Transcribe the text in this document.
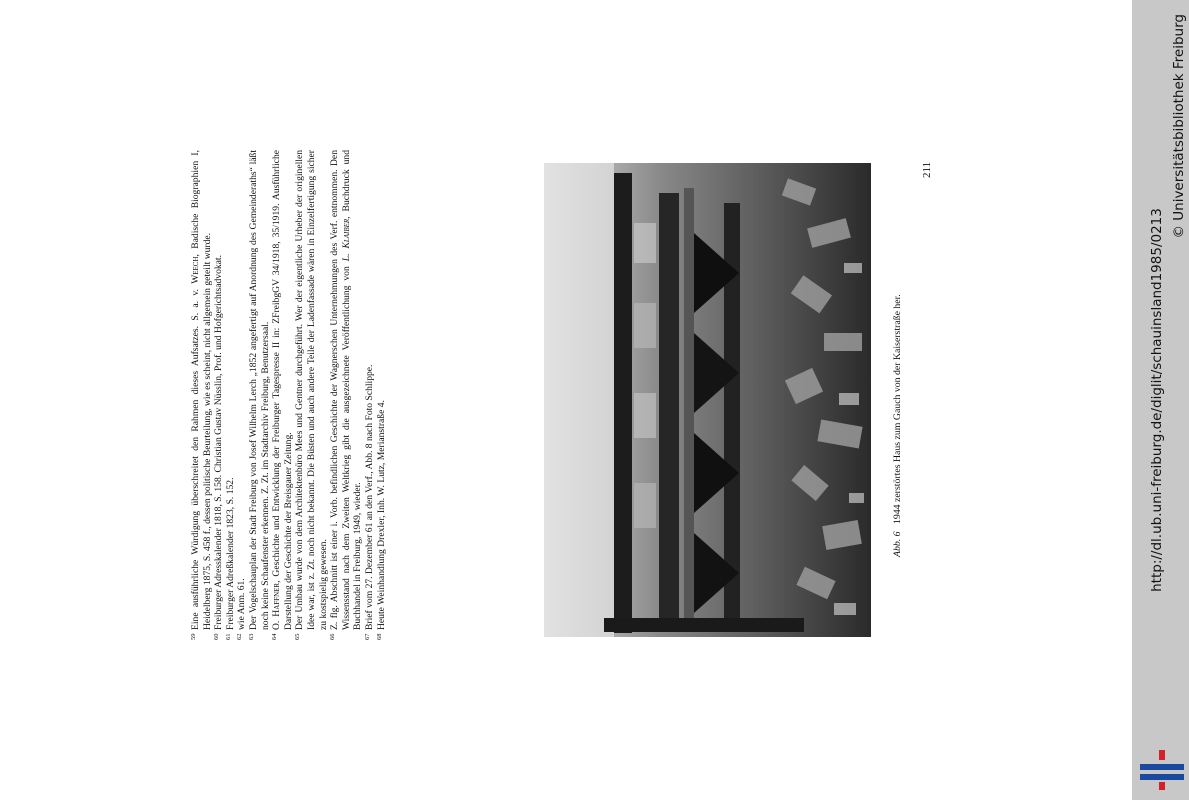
59
Eine ausführliche Würdigung überschreitet den Rahmen dieses Aufsatzes. S. a. v. Weech, Badische Biographien I, Heidelberg 1875, S. 458 f., dessen politische Beurteilung, wie es scheint, nicht allgemein geteilt wurde.

60
Freiburger Adresskalender 1818, S. 158. Christian Gustav Nüsslin, Prof. und Hofgerichtsadvokat.

61
Freiburger Adreßkalender 1823, S. 152.

62
wie Anm. 61.

63
Der Vogelschauplan der Stadt Freiburg von Josef Wilhelm Lerch „1852 angefertigt auf Anordnung des Gemeinderaths“ läßt noch keine Schaufenster erkennen. Z. Zt. im Stadtarchiv Freiburg, Benutzersaal.

64
O. Haffner, Geschichte und Entwicklung der Freiburger Tagespresse II in: ZFreibgGV 34/1918, 35/1919. Ausführliche Darstellung der Geschichte der Breisgauer Zeitung.

65
Der Umbau wurde von dem Architektenbüro Mees und Gentner durchgeführt. Wer der eigentliche Urheber der originellen Idee war, ist z. Zt. noch nicht bekannt. Die Büsten und auch andere Teile der Ladenfassade wären in Einzelfertigung sicher zu kostspielig gewesen.

66
Z. flg. Abschnitt ist einer i. Vorb. befindlichen Geschichte der Wagnerschen Unternehmungen des Verf. entnommen. Den Wissensstand nach dem Zweiten Weltkrieg gibt die ausgezeichnete Veröffentlichung von L. Klaiber, Buchdruck und Buchhandel in Freiburg, 1949, wieder.

67
Brief vom 27. Dezember 61 an den Verf., Abb. 8 nach Foto Schlippe.

68
Heute Weinhandlung Drexler, Inh. W. Lutz, Merianstraße 4.	Abb. 6   1944 zerstörtes Haus zum Gauch von der Kaiserstraße her.
211
http://dl.ub.uni-freiburg.de/diglit/schauinsland1985/0213
© Universitätsbibliothek Freiburg
